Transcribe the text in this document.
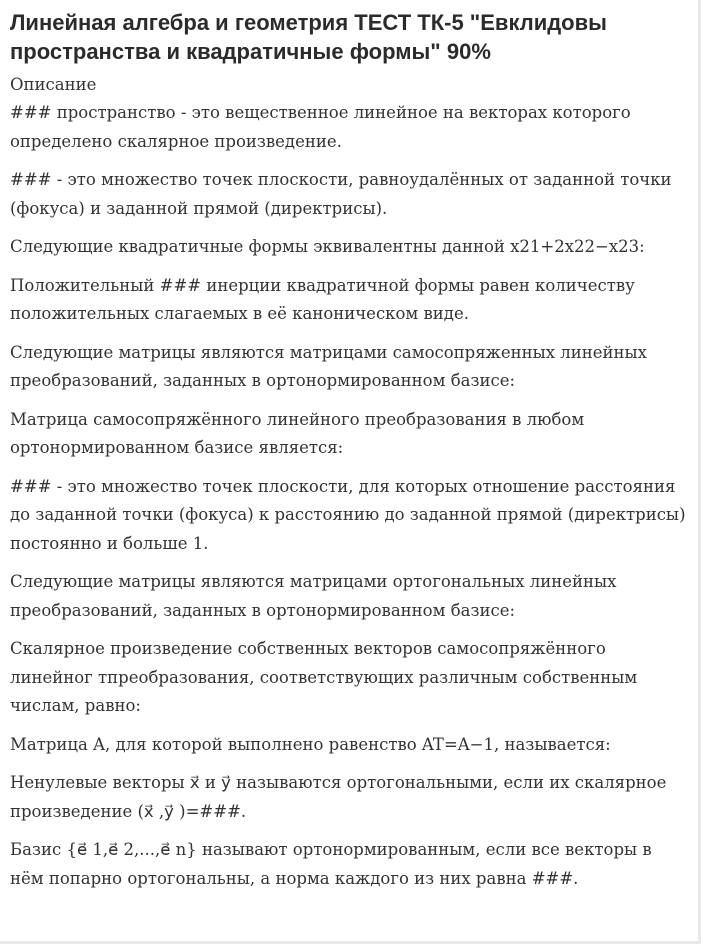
Линейная алгебра и геометрия ТЕСТ ТК-5 "Евклидовы пространства и квадратичные формы" 90%
Описание

### пространство - это вещественное линейное на векторах которого определено скалярное произведение.

### - это множество точек плоскости, равноудалённых от заданной точки (фокуса) и заданной прямой (директрисы).

Следующие квадратичные формы эквивалентны данной x21+2x22−x23:

Положительный ### инерции квадратичной формы равен количеству положительных слагаемых в её каноническом виде.

Следующие матрицы являются матрицами самосопряженных линейных преобразований, заданных в ортонормированном базисе:

Матрица самосопряжённого линейного преобразования в любом ортонормированном базисе является:

### - это множество точек плоскости, для которых отношение расстояния до заданной точки (фокуса) к расстоянию до заданной прямой (директрисы) постоянно и больше 1.

Следующие матрицы являются матрицами ортогональных линейных преобразований, заданных в ортонормированном базисе:

Скалярное произведение собственных векторов самосопряжённого линейног тпреобразования, соответствующих различным собственным числам, равно:

Матрица A, для которой выполнено равенство AT=A−1, называется:

Ненулевые векторы x⃗ и y⃗ называются ортогональными, если их скалярное произведение (x⃗ ,y⃗ )=###.

Базис {e⃗ 1,e⃗ 2,...,e⃗ n} называют ортонормированным, если все векторы в нём попарно ортогональны, а норма каждого из них равна ###.
